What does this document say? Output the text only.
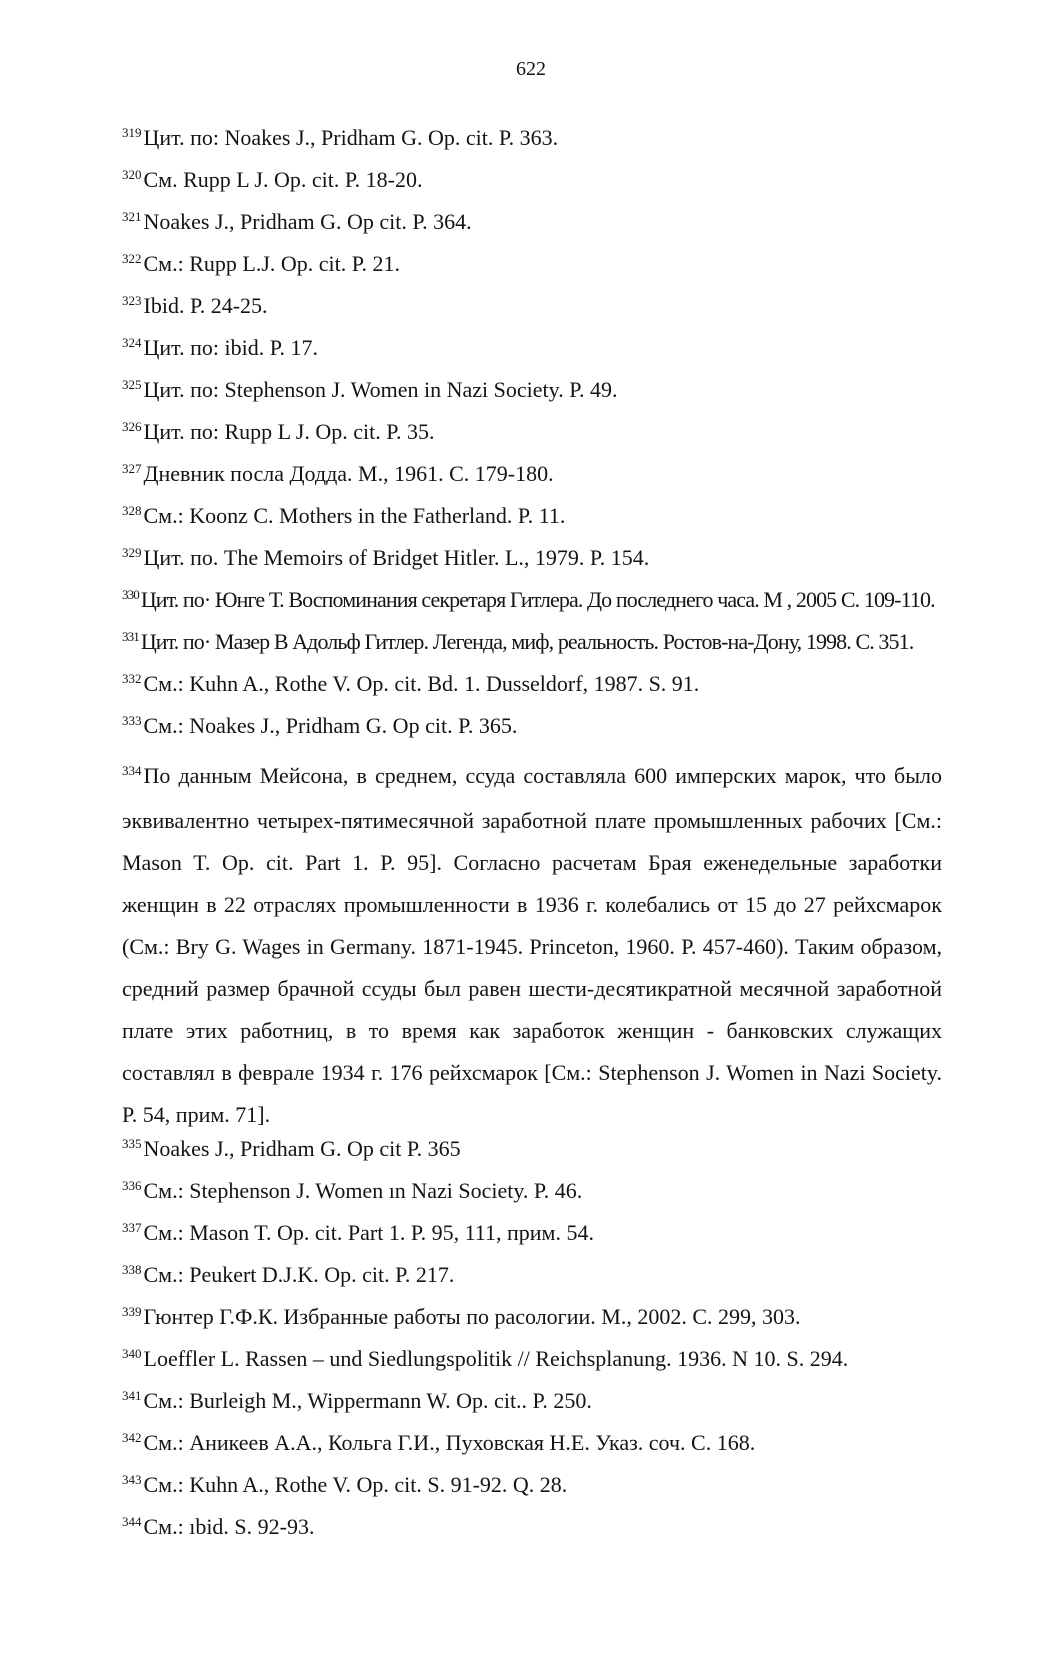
622
$^{319}$Цит. по: Noakes J., Pridham G. Op. cit. P. 363.
$^{320}$См. Rupp L J. Op. cit. P. 18-20.
$^{321}$Noakes J., Pridham G. Op cit. P. 364.
$^{322}$См.: Rupp L.J. Op. cit. P. 21.
$^{323}$Ibid. P. 24-25.
$^{324}$Цит. по: ibid. P. 17.
$^{325}$Цит. по: Stephenson J. Women in Nazi Society. P. 49.
$^{326}$Цит. по: Rupp L J. Op. cit. P. 35.
$^{327}$Дневник посла Додда. М., 1961. С. 179-180.
$^{328}$См.: Koonz C. Mothers in the Fatherland. P. 11.
$^{329}$Цит. по. The Memoirs of Bridget Hitler. L., 1979. P. 154.
$^{330}$Цит. по· Юнге Т. Воспоминания секретаря Гитлера. До последнего часа. М , 2005 С. 109-110.
$^{331}$Цит. по· Мазер В Адольф Гитлер. Легенда, миф, реальность. Ростов-на-Дону, 1998. С. 351.
$^{332}$См.: Kuhn A., Rothe V. Op. cit. Bd. 1. Dusseldorf, 1987. S. 91.
$^{333}$См.: Noakes J., Pridham G. Op cit. P. 365.
$^{334}$По данным Мейсона, в среднем, ссуда составляла 600 имперских марок, что было эквивалентно четырех-пятимесячной заработной плате промышленных рабочих [См.: Mason T. Op. cit. Part 1. P. 95]. Согласно расчетам Брая еженедельные заработки женщин в 22 отраслях промышленности в 1936 г. колебались от 15 до 27 рейхсмарок (См.: Bry G. Wages in Germany. 1871-1945. Princeton, 1960. P. 457-460). Таким образом, средний размер брачной ссуды был равен шести-десятикратной месячной заработной плате этих работниц, в то время как заработок женщин - банковских служащих составлял в феврале 1934 г. 176 рейхсмарок [См.: Stephenson J. Women in Nazi Society. P. 54, прим. 71].
$^{335}$Noakes J., Pridham G. Op cit P. 365
$^{336}$См.: Stephenson J. Women ın Nazi Society. P. 46.
$^{337}$См.: Mason T. Op. cit. Part 1. P. 95, 111, прим. 54.
$^{338}$См.: Peukert D.J.K. Op. cit. P. 217.
$^{339}$Гюнтер Г.Ф.К. Избранные работы по расологии. М., 2002. С. 299, 303.
$^{340}$Loeffler L. Rassen – und Siedlungspolitik // Reichsplanung. 1936. N 10. S. 294.
$^{341}$См.: Burleigh M., Wippermann W. Op. cit.. P. 250.
$^{342}$См.: Аникеев А.А., Кольга Г.И., Пуховская Н.Е. Указ. соч. С. 168.
$^{343}$См.: Kuhn A., Rothe V. Op. cit. S. 91-92. Q. 28.
$^{344}$См.: ıbid. S. 92-93.
